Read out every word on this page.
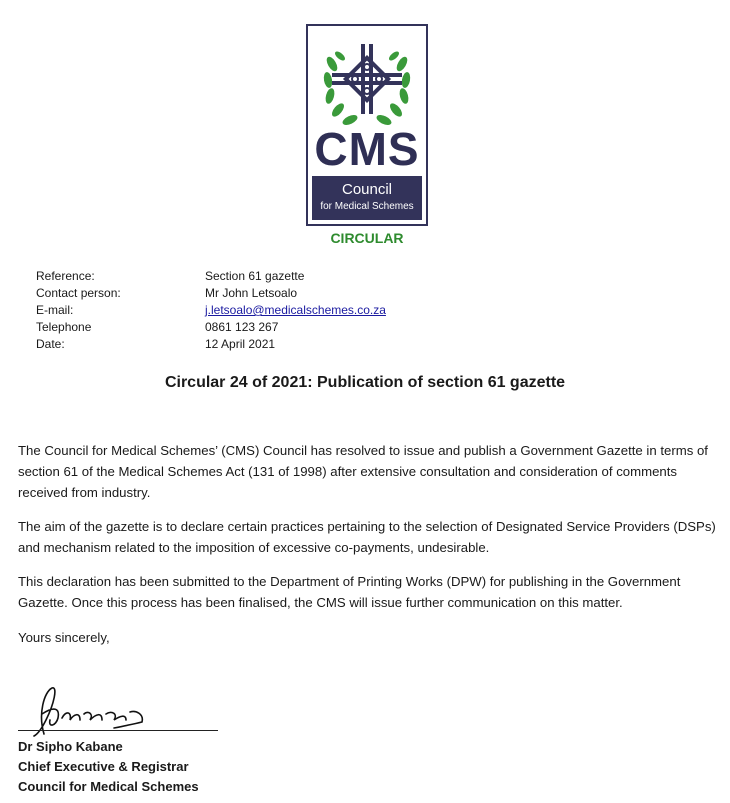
CMS
Council
for Medical Schemes
CIRCULAR
Reference:	Section 61 gazette
Contact person:	Mr John Letsoalo
E-mail:	j.letsoalo@medicalschemes.co.za
Telephone	0861 123 267
Date:	12 April 2021
Circular 24 of 2021: Publication of section 61 gazette
The Council for Medical Schemes’ (CMS) Council has resolved to issue and publish a Government Gazette in terms of section 61 of the Medical Schemes Act (131 of 1998) after extensive consultation and consideration of comments received from industry.
The aim of the gazette is to declare certain practices pertaining to the selection of Designated Service Providers (DSPs) and mechanism related to the imposition of excessive co-payments, undesirable.
This declaration has been submitted to the Department of Printing Works (DPW) for publishing in the Government Gazette. Once this process has been finalised, the CMS will issue further communication on this matter.
Yours sincerely,
Dr Sipho Kabane
Chief Executive & Registrar
Council for Medical Schemes
